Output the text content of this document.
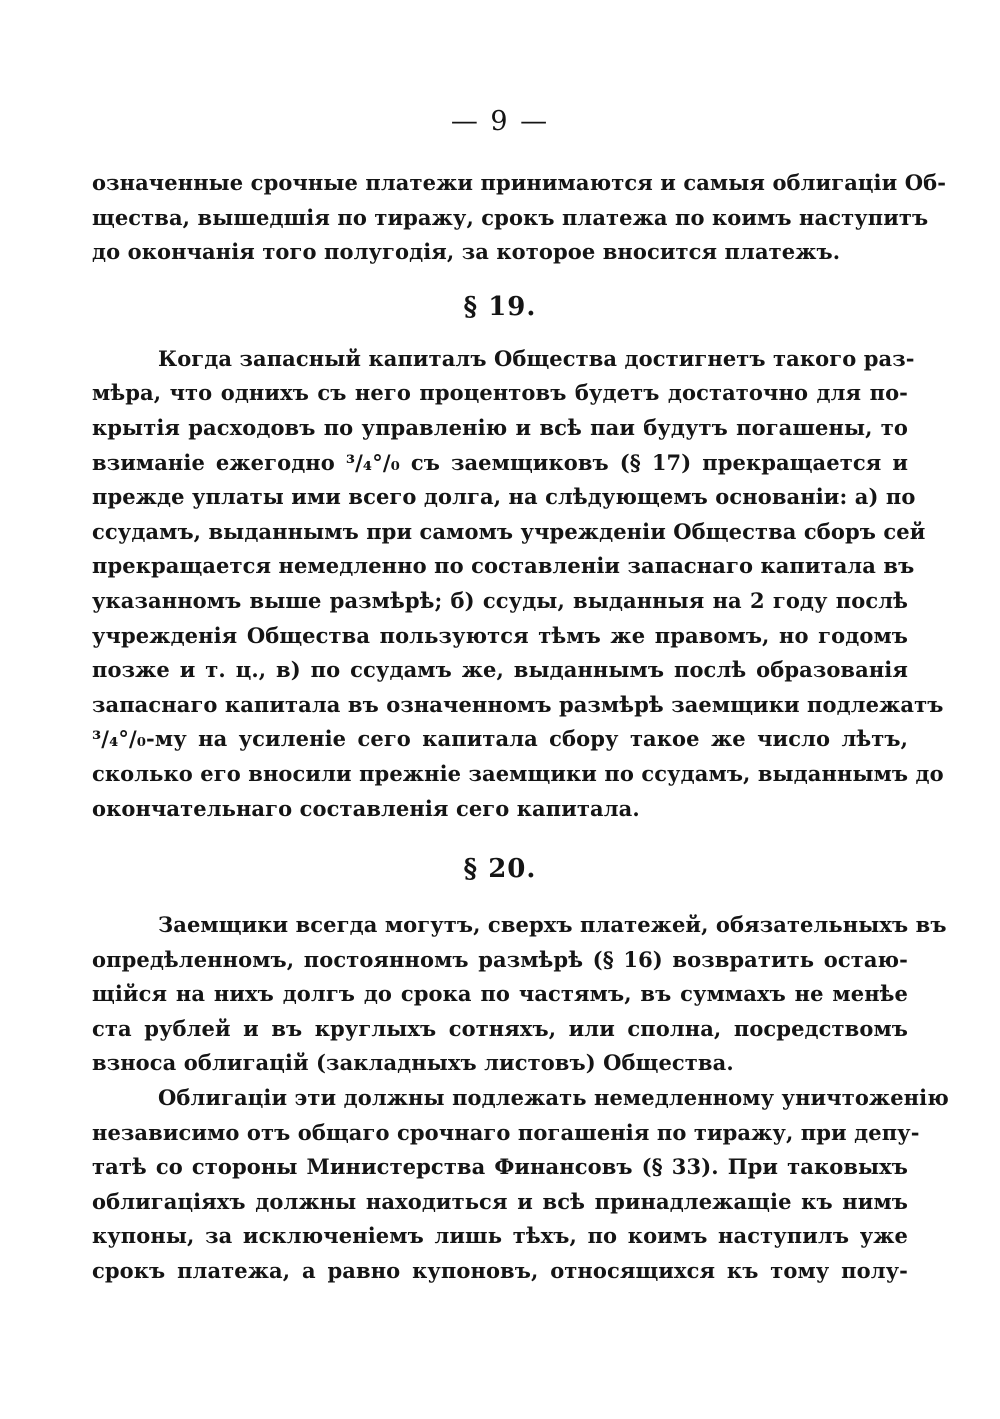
— 9 —
означенные срочные платежи принимаются и самыя облигаціи Об-
щества, вышедшія по тиражу, срокъ платежа по коимъ наступитъ
до окончанія того полугодія, за которое вносится платежъ.
§ 19.
Когда запасный капиталъ Общества достигнетъ такого раз-
мѣра, что однихъ съ него процентовъ будетъ достаточно для по-
крытія расходовъ по управленію и всѣ паи будутъ погашены, то
взиманіе ежегодно ³/₄°/₀ съ заемщиковъ (§ 17) прекращается и
прежде уплаты ими всего долга, на слѣдующемъ основаніи: а) по
ссудамъ, выданнымъ при самомъ учрежденіи Общества сборъ сей
прекращается немедленно по составленіи запаснаго капитала въ
указанномъ выше размѣрѣ; б) ссуды, выданныя на 2 году послѣ
учрежденія Общества пользуются тѣмъ же правомъ, но годомъ
позже и т. ц., в) по ссудамъ же, выданнымъ послѣ образованія
запаснаго капитала въ означенномъ размѣрѣ заемщики подлежатъ
³/₄°/₀-му на усиленіе сего капитала сбору такое же число лѣтъ,
сколько его вносили прежніе заемщики по ссудамъ, выданнымъ до
окончательнаго составленія сего капитала.
§ 20.
Заемщики всегда могутъ, сверхъ платежей, обязательныхъ въ
опредѣленномъ, постоянномъ размѣрѣ (§ 16) возвратить остаю-
щійся на нихъ долгъ до срока по частямъ, въ суммахъ не менѣе
ста рублей и въ круглыхъ сотняхъ, или сполна, посредствомъ
взноса облигацій (закладныхъ листовъ) Общества.
Облигаціи эти должны подлежать немедленному уничтоженію
независимо отъ общаго срочнаго погашенія по тиражу, при депу-
татѣ со стороны Министерства Финансовъ (§ 33). При таковыхъ
облигаціяхъ должны находиться и всѣ принадлежащіе къ нимъ
купоны, за исключеніемъ лишь тѣхъ, по коимъ наступилъ уже
срокъ платежа, а равно купоновъ, относящихся къ тому полу-
